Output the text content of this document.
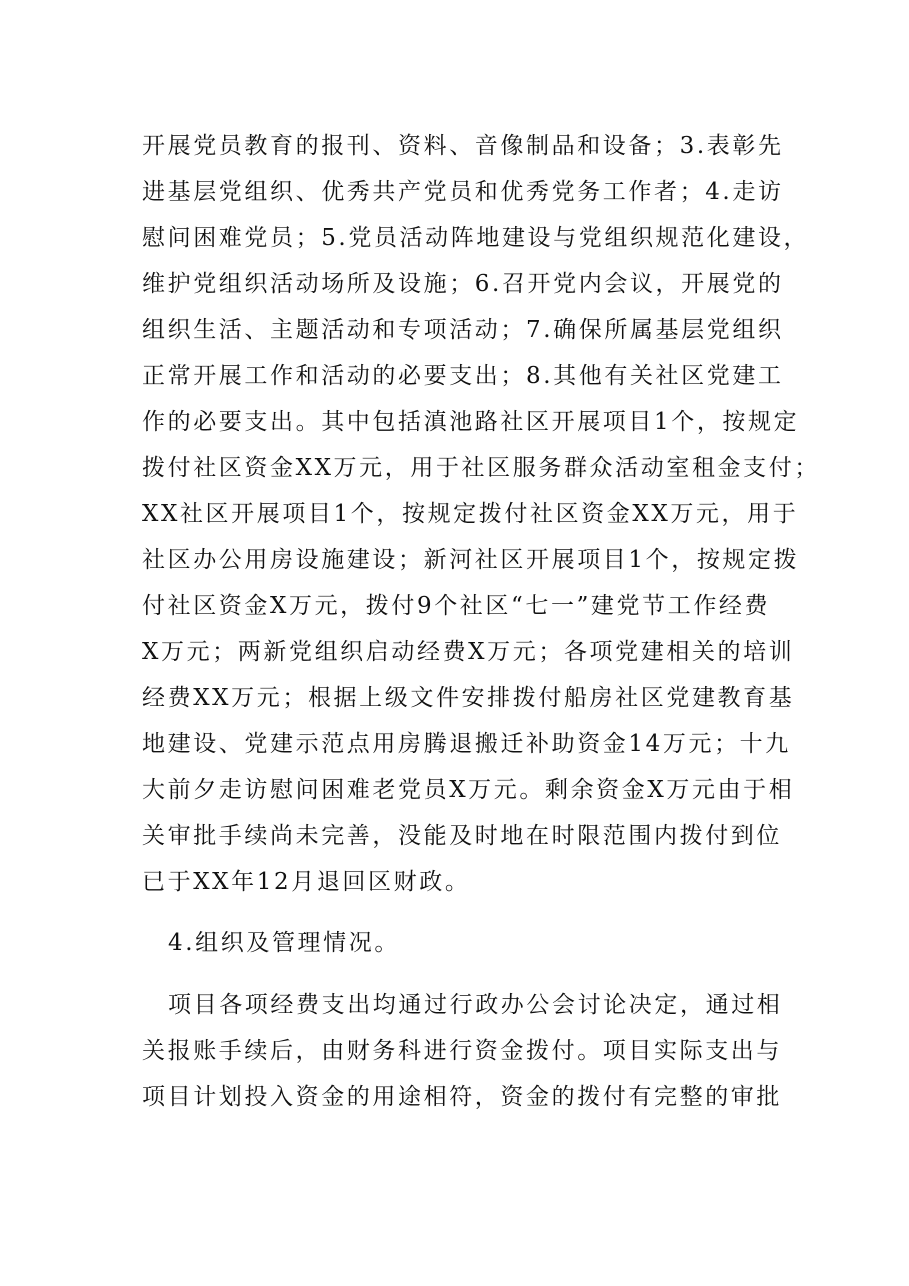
开展党员教育的报刊、资料、音像制品和设备；3.表彰先
进基层党组织、优秀共产党员和优秀党务工作者；4.走访
慰问困难党员；5.党员活动阵地建设与党组织规范化建设，
维护党组织活动场所及设施；6.召开党内会议，开展党的
组织生活、主题活动和专项活动；7.确保所属基层党组织
正常开展工作和活动的必要支出；8.其他有关社区党建工
作的必要支出。其中包括滇池路社区开展项目1个，按规定
拨付社区资金XX万元，用于社区服务群众活动室租金支付；
XX社区开展项目1个，按规定拨付社区资金XX万元，用于
社区办公用房设施建设；新河社区开展项目1个，按规定拨
付社区资金X万元，拨付9个社区“七一”建党节工作经费
X万元；两新党组织启动经费X万元；各项党建相关的培训
经费XX万元；根据上级文件安排拨付船房社区党建教育基
地建设、党建示范点用房腾退搬迁补助资金14万元；十九
大前夕走访慰问困难老党员X万元。剩余资金X万元由于相
关审批手续尚未完善，没能及时地在时限范围内拨付到位
已于XX年12月退回区财政。
4.组织及管理情况。
项目各项经费支出均通过行政办公会讨论决定，通过相
关报账手续后，由财务科进行资金拨付。项目实际支出与
项目计划投入资金的用途相符，资金的拨付有完整的审批
